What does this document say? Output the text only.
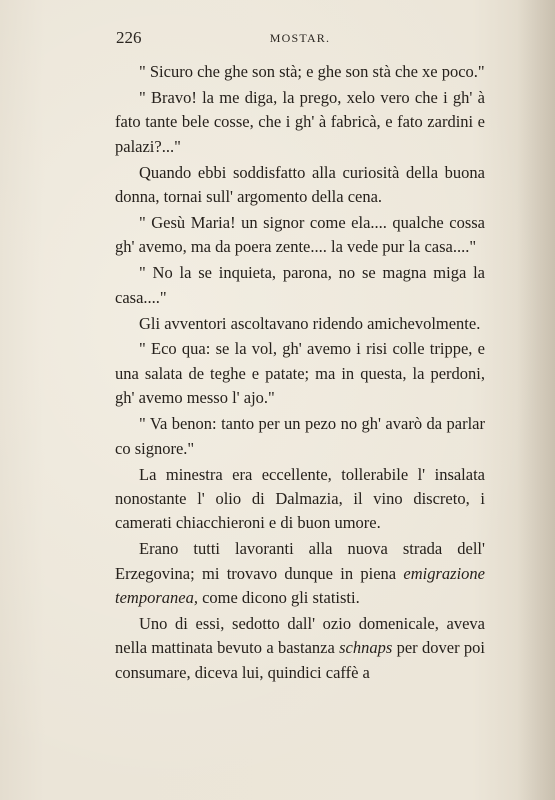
226	MOSTAR.

" Sicuro che ghe son stà; e ghe son stà che xe poco."

" Bravo! la me diga, la prego, xelo vero che i gh' à fato tante bele cosse, che i gh' à fabricà, e fato zardini e palazi?..."

Quando ebbi soddisfatto alla curiosità della buona donna, tornai sull' argomento della cena.

" Gesù Maria! un signor come ela.... qualche cossa gh' avemo, ma da poera zente.... la vede pur la casa...."

" No la se inquieta, parona, no se magna miga la casa...."

Gli avventori ascoltavano ridendo amichevolmente.

" Eco qua: se la vol, gh' avemo i risi colle trippe, e una salata de teghe e patate; ma in questa, la perdoni, gh' avemo messo l' ajo."

" Va benon: tanto per un pezo no gh' avarò da parlar co signore."

La minestra era eccellente, tollerabile l' insalata nonostante l' olio di Dalmazia, il vino discreto, i camerati chiacchieroni e di buon umore.

Erano tutti lavoranti alla nuova strada dell' Erzegovina; mi trovavo dunque in piena emigrazione temporanea, come dicono gli statisti.

Uno di essi, sedotto dall' ozio domenicale, aveva nella mattinata bevuto a bastanza schnaps per dover poi consumare, diceva lui, quindici caffè a
